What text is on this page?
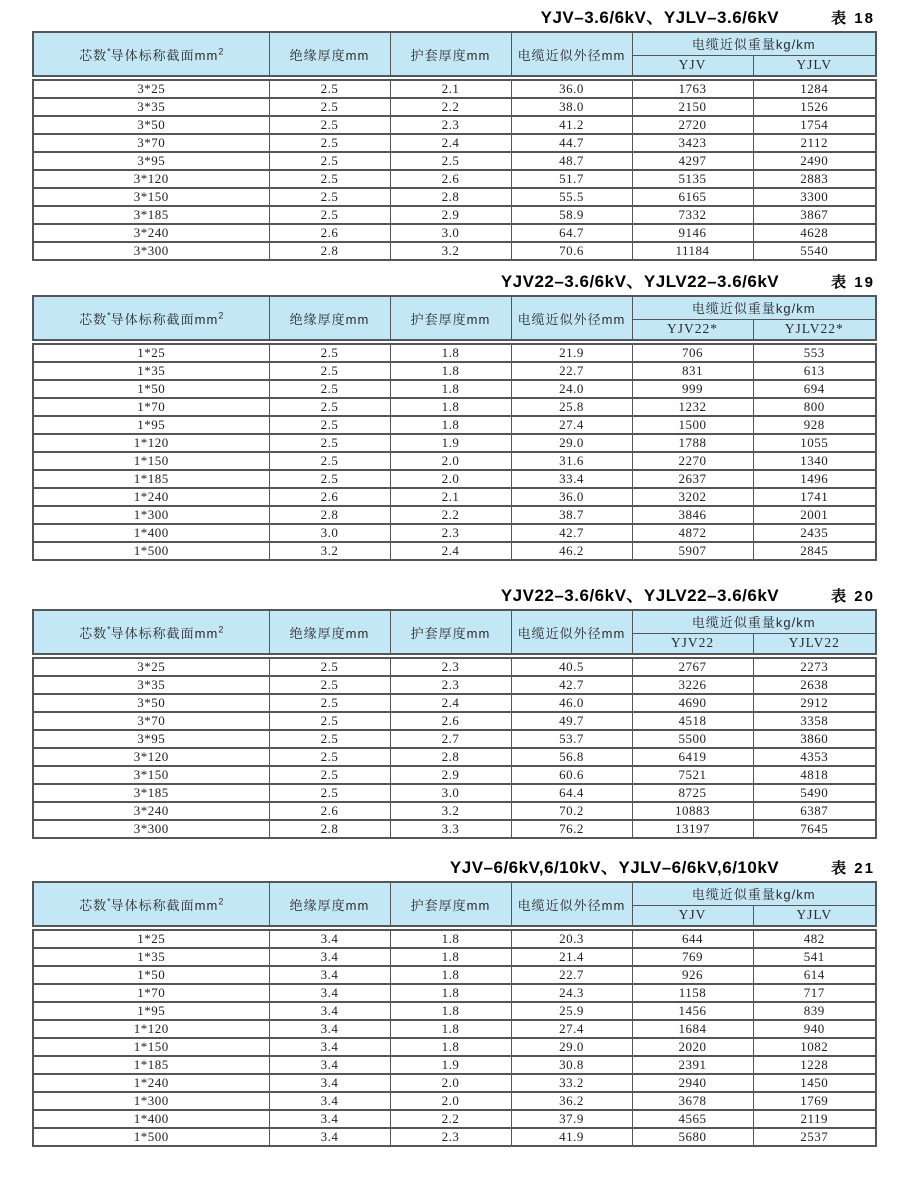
YJV–3.6/6kV、YJLV–3.6/6kV	表 18
芯数*导体标称截面$mm^2$	绝缘厚度mm	护套厚度mm	电缆近似外径mm	电缆近似重量kg/km	
				YJV	YJLV
3*25	2.5	2.1	36.0	1763	1284
3*35	2.5	2.2	38.0	2150	1526
3*50	2.5	2.3	41.2	2720	1754
3*70	2.5	2.4	44.7	3423	2112
3*95	2.5	2.5	48.7	4297	2490
3*120	2.5	2.6	51.7	5135	2883
3*150	2.5	2.8	55.5	6165	3300
3*185	2.5	2.9	58.9	7332	3867
3*240	2.6	3.0	64.7	9146	4628
3*300	2.8	3.2	70.6	11184	5540
YJV22–3.6/6kV、YJLV22–3.6/6kV	表 19
芯数*导体标称截面$mm^2$	绝缘厚度mm	护套厚度mm	电缆近似外径mm	电缆近似重量kg/km	
				YJV22*	YJLV22*
1*25	2.5	1.8	21.9	706	553
1*35	2.5	1.8	22.7	831	613
1*50	2.5	1.8	24.0	999	694
1*70	2.5	1.8	25.8	1232	800
1*95	2.5	1.8	27.4	1500	928
1*120	2.5	1.9	29.0	1788	1055
1*150	2.5	2.0	31.6	2270	1340
1*185	2.5	2.0	33.4	2637	1496
1*240	2.6	2.1	36.0	3202	1741
1*300	2.8	2.2	38.7	3846	2001
1*400	3.0	2.3	42.7	4872	2435
1*500	3.2	2.4	46.2	5907	2845
YJV22–3.6/6kV、YJLV22–3.6/6kV	表 20
芯数*导体标称截面$mm^2$	绝缘厚度mm	护套厚度mm	电缆近似外径mm	电缆近似重量kg/km	
				YJV22	YJLV22
3*25	2.5	2.3	40.5	2767	2273
3*35	2.5	2.3	42.7	3226	2638
3*50	2.5	2.4	46.0	4690	2912
3*70	2.5	2.6	49.7	4518	3358
3*95	2.5	2.7	53.7	5500	3860
3*120	2.5	2.8	56.8	6419	4353
3*150	2.5	2.9	60.6	7521	4818
3*185	2.5	3.0	64.4	8725	5490
3*240	2.6	3.2	70.2	10883	6387
3*300	2.8	3.3	76.2	13197	7645
YJV–6/6kV,6/10kV、YJLV–6/6kV,6/10kV	表 21
芯数*导体标称截面$mm^2$	绝缘厚度mm	护套厚度mm	电缆近似外径mm	电缆近似重量kg/km	
				YJV	YJLV
1*25	3.4	1.8	20.3	644	482
1*35	3.4	1.8	21.4	769	541
1*50	3.4	1.8	22.7	926	614
1*70	3.4	1.8	24.3	1158	717
1*95	3.4	1.8	25.9	1456	839
1*120	3.4	1.8	27.4	1684	940
1*150	3.4	1.8	29.0	2020	1082
1*185	3.4	1.9	30.8	2391	1228
1*240	3.4	2.0	33.2	2940	1450
1*300	3.4	2.0	36.2	3678	1769
1*400	3.4	2.2	37.9	4565	2119
1*500	3.4	2.3	41.9	5680	2537
